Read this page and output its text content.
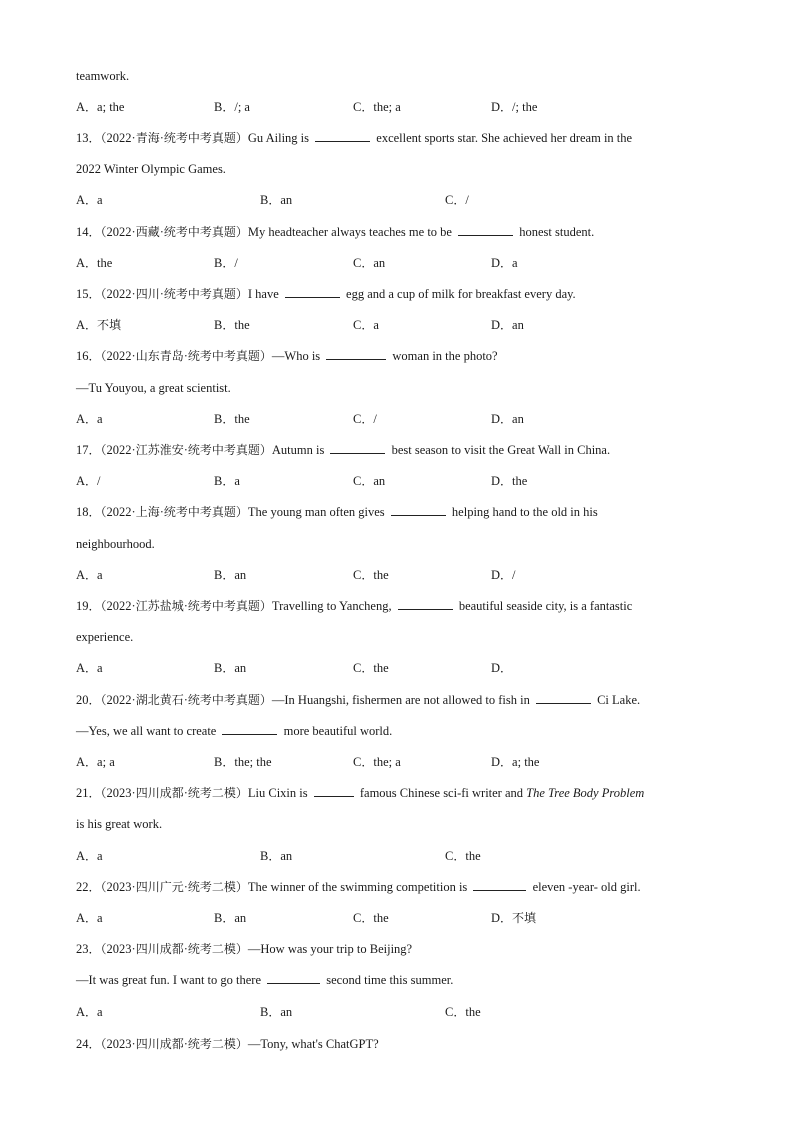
teamwork.
A．a; the	B．/; a	C．the; a	D．/; the
13．（2022·青海·统考中考真题）Gu Ailing is	excellent sports star. She achieved her dream in the
2022 Winter Olympic Games.
A．a	B．an	C．/
14．（2022·西藏·统考中考真题）My headteacher always teaches me to be	honest student.
A．the	B．/	C．an	D．a
15．（2022·四川·统考中考真题）I have	egg and a cup of milk for breakfast every day.
A．不填	B．the	C．a	D．an
16．（2022·山东青岛·统考中考真题）—Who is	woman in the photo?
—Tu Youyou, a great scientist.
A．a	B．the	C．/	D．an
17．（2022·江苏淮安·统考中考真题）Autumn is	best season to visit the Great Wall in China.
A．/	B．a	C．an	D．the
18．（2022·上海·统考中考真题）The young man often gives	helping hand to the old in his
neighbourhood.
A．a	B．an	C．the	D．/
19．（2022·江苏盐城·统考中考真题）Travelling to Yancheng,	beautiful seaside city, is a fantastic
experience.
A．a	B．an	C．the	D．
20．（2022·湖北黄石·统考中考真题）—In Huangshi, fishermen are not allowed to fish in	Ci Lake.
—Yes, we all want to create	more beautiful world.
A．a; a	B．the; the	C．the; a	D．a; the
21．（2023·四川成都·统考二模）Liu Cixin is	famous Chinese sci-fi writer and The Tree Body Problem
is his great work.
A．a	B．an	C．the
22．（2023·四川广元·统考二模）The winner of the swimming competition is	eleven -year- old girl.
A．a	B．an	C．the	D．不填
23．（2023·四川成都·统考二模）—How was your trip to Beijing?
—It was great fun. I want to go there	second time this summer.
A．a	B．an	C．the
24．（2023·四川成都·统考二模）—Tony, what's ChatGPT?
